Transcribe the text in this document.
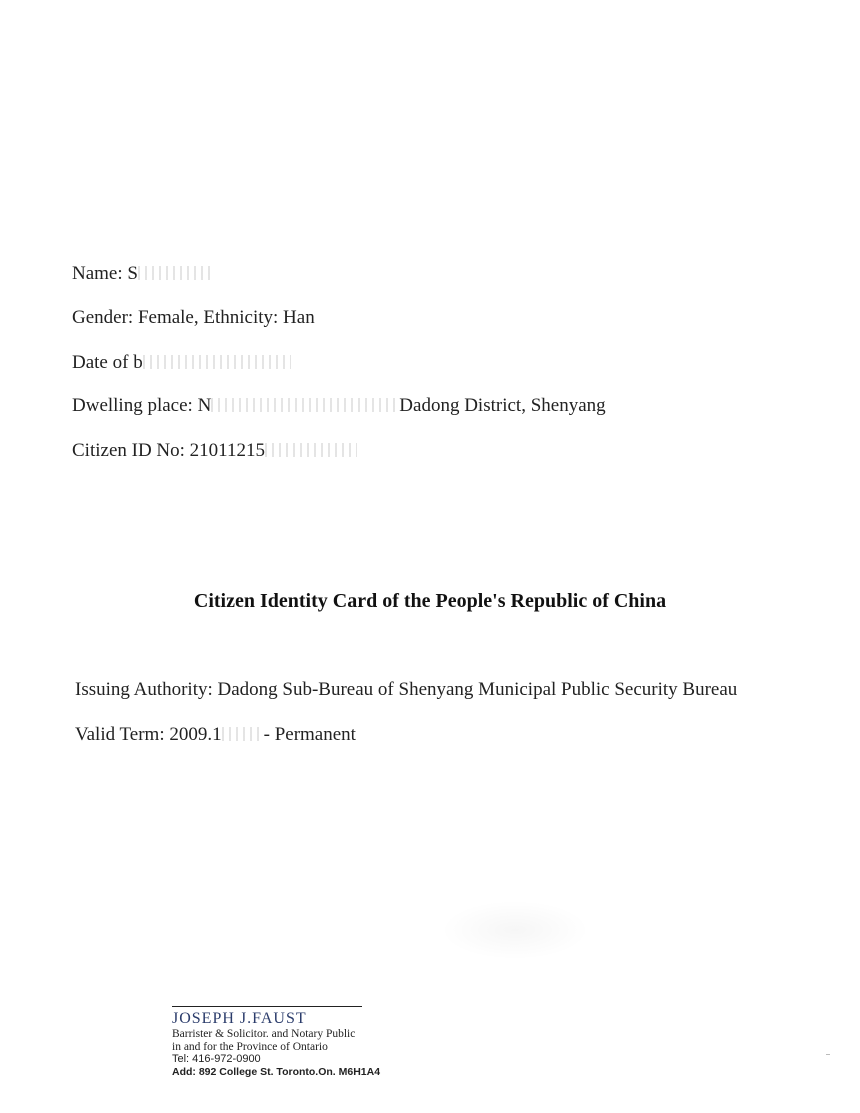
Name: S
Gender: Female, Ethnicity: Han
Date of b
Dwelling place: N	Dadong District, Shenyang
Citizen ID No: 21011215
Citizen Identity Card of the People's Republic of China
Issuing Authority: Dadong Sub-Bureau of Shenyang Municipal Public Security Bureau
Valid Term: 2009.1 - Permanent
JOSEPH J.FAUST
Barrister & Solicitor. and Notary Public
in and for the Province of Ontario
Tel: 416-972-0900
Add: 892 College St. Toronto.On. M6H1A4
